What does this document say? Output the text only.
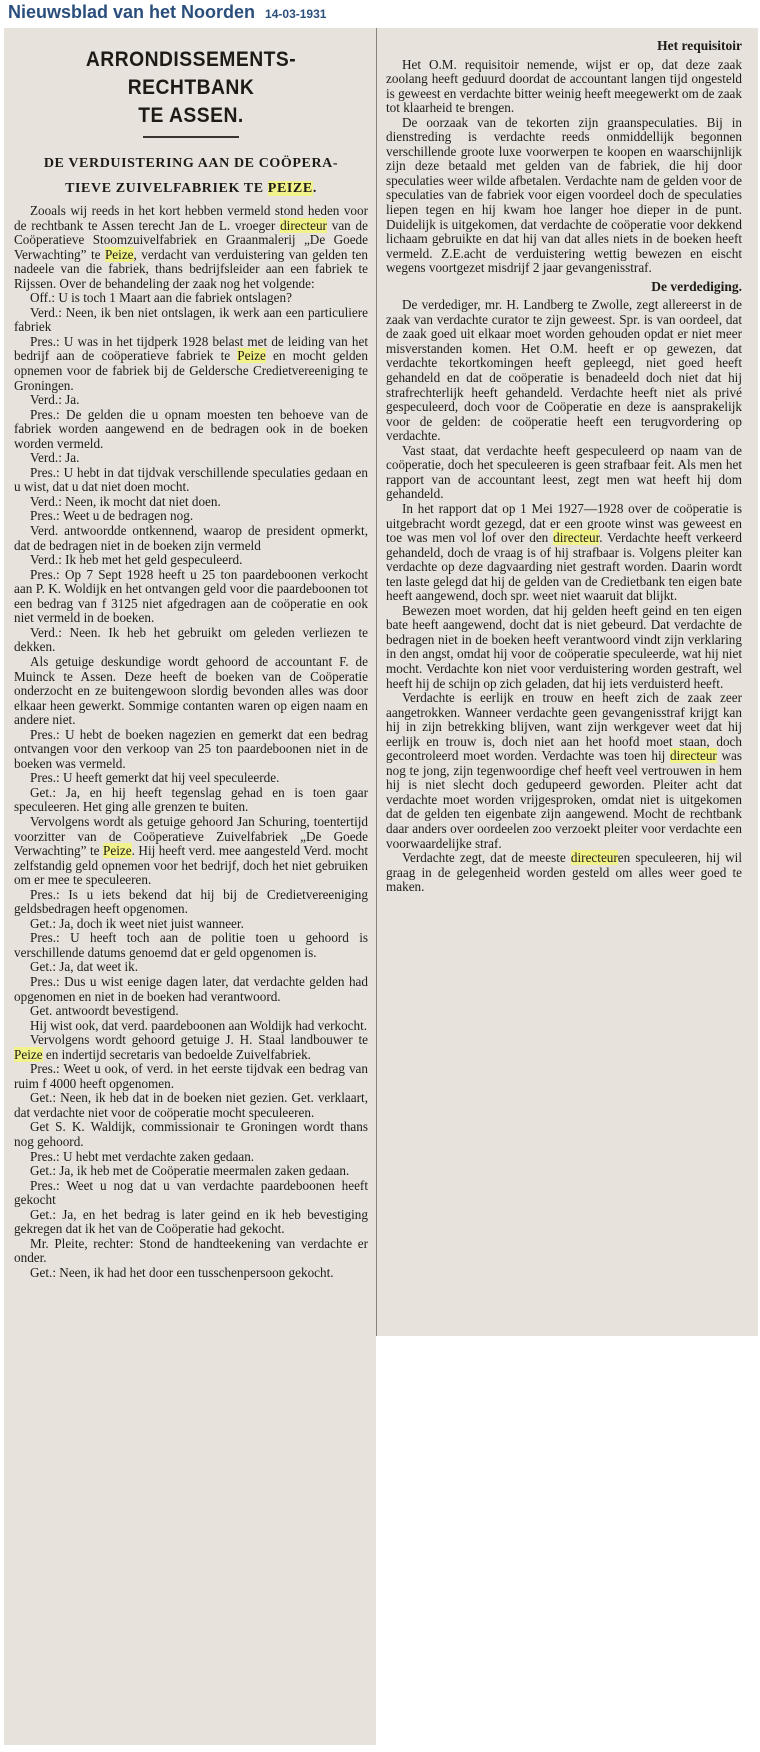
Nieuwsblad van het Noorden 14-03-1931
ARRONDISSEMENTS-RECHTBANK
TE ASSEN.
DE VERDUISTERING AAN DE COÖPERA-
TIEVE ZUIVELFABRIEK TE PEIZE.

Zooals wij reeds in het kort hebben vermeld stond heden voor de rechtbank te Assen terecht Jan de L. vroeger directeur van de Coöperatieve Stoomzuivelfabriek en Graanmalerij „De Goede Verwachting” te Peize, verdacht van verduistering van gelden ten nadeele van die fabriek, thans bedrijfsleider aan een fabriek te Rijssen. Over de behandeling der zaak nog het volgende:

Off.: U is toch 1 Maart aan die fabriek ontslagen?

Verd.: Neen, ik ben niet ontslagen, ik werk aan een particuliere fabriek

Pres.: U was in het tijdperk 1928 belast met de leiding van het bedrijf aan de coöperatieve fabriek te Peize en mocht gelden opnemen voor de fabriek bij de Geldersche Credietvereeniging te Groningen.

Verd.: Ja.

Pres.: De gelden die u opnam moesten ten behoeve van de fabriek worden aangewend en de bedragen ook in de boeken worden vermeld.

Verd.: Ja.

Pres.: U hebt in dat tijdvak verschillende speculaties gedaan en u wist, dat u dat niet doen mocht.

Verd.: Neen, ik mocht dat niet doen.

Pres.: Weet u de bedragen nog.

Verd. antwoordde ontkennend, waarop de president opmerkt, dat de bedragen niet in de boeken zijn vermeld

Verd.: Ik heb met het geld gespeculeerd.

Pres.: Op 7 Sept 1928 heeft u 25 ton paardeboonen verkocht aan P. K. Woldijk en het ontvangen geld voor die paardeboonen tot een bedrag van f 3125 niet afgedragen aan de coöperatie en ook niet vermeld in de boeken.

Verd.: Neen. Ik heb het gebruikt om geleden verliezen te dekken.

Als getuige deskundige wordt gehoord de accountant F. de Muinck te Assen. Deze heeft de boeken van de Coöperatie onderzocht en ze buitengewoon slordig bevonden alles was door elkaar heen gewerkt. Sommige contanten waren op eigen naam en andere niet.

Pres.: U hebt de boeken nagezien en gemerkt dat een bedrag ontvangen voor den verkoop van 25 ton paardeboonen niet in de boeken was vermeld.

Pres.: U heeft gemerkt dat hij veel speculeerde.

Get.: Ja, en hij heeft tegenslag gehad en is toen gaar speculeeren. Het ging alle grenzen te buiten.

Vervolgens wordt als getuige gehoord Jan Schuring, toentertijd voorzitter van de Coöperatieve Zuivelfabriek „De Goede Verwachting” te Peize. Hij heeft verd. mee aangesteld Verd. mocht zelfstandig geld opnemen voor het bedrijf, doch het niet gebruiken om er mee te speculeeren.

Pres.: Is u iets bekend dat hij bij de Credietvereeniging geldsbedragen heeft opgenomen.

Get.: Ja, doch ik weet niet juist wanneer.

Pres.: U heeft toch aan de politie toen u gehoord is verschillende datums genoemd dat er geld opgenomen is.

Get.: Ja, dat weet ik.

Pres.: Dus u wist eenige dagen later, dat verdachte gelden had opgenomen en niet in de boeken had verantwoord.

Get. antwoordt bevestigend.

Hij wist ook, dat verd. paardeboonen aan Woldijk had verkocht.

Vervolgens wordt gehoord getuige J. H. Staal landbouwer te Peize en indertijd secretaris van bedoelde Zuivelfabriek.

Pres.: Weet u ook, of verd. in het eerste tijdvak een bedrag van ruim f 4000 heeft opgenomen.

Get.: Neen, ik heb dat in de boeken niet gezien. Get. verklaart, dat verdachte niet voor de coöperatie mocht speculeeren.

Get S. K. Waldijk, commissionair te Groningen wordt thans nog gehoord.

Pres.: U hebt met verdachte zaken gedaan.

Get.: Ja, ik heb met de Coöperatie meermalen zaken gedaan.

Pres.: Weet u nog dat u van verdachte paardeboonen heeft gekocht

Get.: Ja, en het bedrag is later geind en ik heb bevestiging gekregen dat ik het van de Coöperatie had gekocht.

Mr. Pleite, rechter: Stond de handteekening van verdachte er onder.

Get.: Neen, ik had het door een tusschenpersoon gekocht.

Het requisitoir

Het O.M. requisitoir nemende, wijst er op, dat deze zaak zoolang heeft geduurd doordat de accountant langen tijd ongesteld is geweest en verdachte bitter weinig heeft meegewerkt om de zaak tot klaarheid te brengen.

De oorzaak van de tekorten zijn graanspeculaties. Bij in dienstreding is verdachte reeds onmiddellijk begonnen verschillende groote luxe voorwerpen te koopen en waarschijnlijk zijn deze betaald met gelden van de fabriek, die hij door speculaties weer wilde afbetalen. Verdachte nam de gelden voor de speculaties van de fabriek voor eigen voordeel doch de speculaties liepen tegen en hij kwam hoe langer hoe dieper in de punt. Duidelijk is uitgekomen, dat verdachte de coöperatie voor dekkend lichaam gebruikte en dat hij van dat alles niets in de boeken heeft vermeld. Z.E.acht de verduistering wettig bewezen en eischt wegens voortgezet misdrijf 2 jaar gevangenisstraf.

De verdediging.

De verdediger, mr. H. Landberg te Zwolle, zegt allereerst in de zaak van verdachte curator te zijn geweest. Spr. is van oordeel, dat de zaak goed uit elkaar moet worden gehouden opdat er niet meer misverstanden komen. Het O.M. heeft er op gewezen, dat verdachte tekortkomingen heeft gepleegd, niet goed heeft gehandeld en dat de coöperatie is benadeeld doch niet dat hij strafrechterlijk heeft gehandeld. Verdachte heeft niet als privé gespeculeerd, doch voor de Coöperatie en deze is aansprakelijk voor de gelden: de coöperatie heeft een terugvordering op verdachte.

Vast staat, dat verdachte heeft gespeculeerd op naam van de coöperatie, doch het speculeeren is geen strafbaar feit. Als men het rapport van de accountant leest, zegt men wat heeft hij dom gehandeld.

In het rapport dat op 1 Mei 1927—1928 over de coöperatie is uitgebracht wordt gezegd, dat er een groote winst was geweest en toe was men vol lof over den directeur. Verdachte heeft verkeerd gehandeld, doch de vraag is of hij strafbaar is. Volgens pleiter kan verdachte op deze dagvaarding niet gestraft worden. Daarin wordt ten laste gelegd dat hij de gelden van de Credietbank ten eigen bate heeft aangewend, doch spr. weet niet waaruit dat blijkt.

Bewezen moet worden, dat hij gelden heeft geind en ten eigen bate heeft aangewend, docht dat is niet gebeurd. Dat verdachte de bedragen niet in de boeken heeft verantwoord vindt zijn verklaring in den angst, omdat hij voor de coöperatie speculeerde, wat hij niet mocht. Verdachte kon niet voor verduistering worden gestraft, wel heeft hij de schijn op zich geladen, dat hij iets verduisterd heeft.

Verdachte is eerlijk en trouw en heeft zich de zaak zeer aangetrokken. Wanneer verdachte geen gevangenisstraf krijgt kan hij in zijn betrekking blijven, want zijn werkgever weet dat hij eerlijk en trouw is, doch niet aan het hoofd moet staan, doch gecontroleerd moet worden. Verdachte was toen hij directeur was nog te jong, zijn tegenwoordige chef heeft veel vertrouwen in hem hij is niet slecht doch gedupeerd geworden. Pleiter acht dat verdachte moet worden vrijgesproken, omdat niet is uitgekomen dat de gelden ten eigenbate zijn aangewend. Mocht de rechtbank daar anders over oordeelen zoo verzoekt pleiter voor verdachte een voorwaardelijke straf.

Verdachte zegt, dat de meeste directeuren speculeeren, hij wil graag in de gelegenheid worden gesteld om alles weer goed te maken.
